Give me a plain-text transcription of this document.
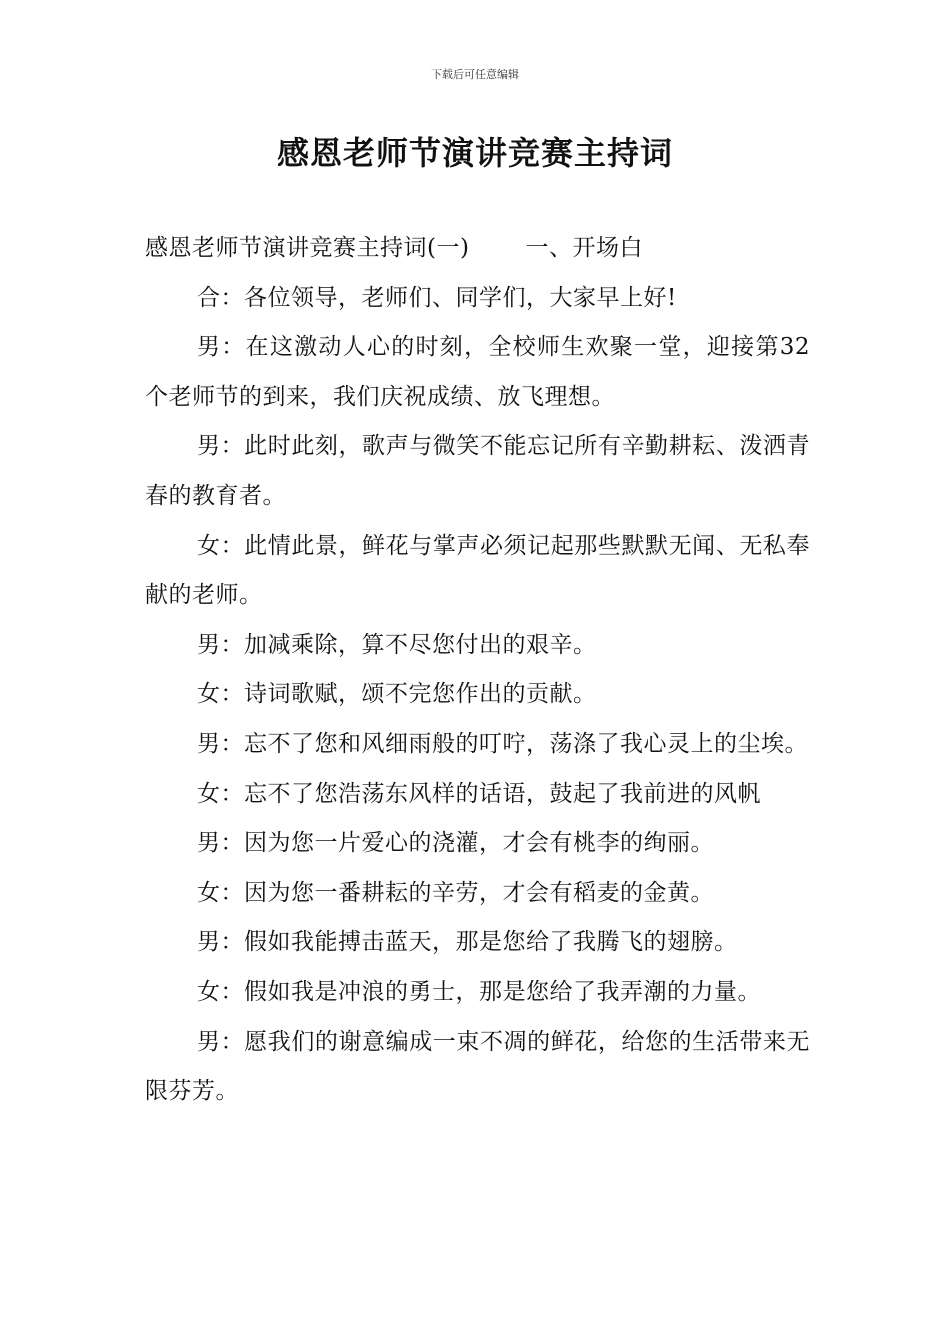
下载后可任意编辑
感恩老师节演讲竞赛主持词

感恩老师节演讲竞赛主持词(一) 一、开场白

合：各位领导，老师们、同学们，大家早上好!

男：在这激动人心的时刻，全校师生欢聚一堂，迎接第32个老师节的到来，我们庆祝成绩、放飞理想。

男：此时此刻，歌声与微笑不能忘记所有辛勤耕耘、泼洒青春的教育者。

女：此情此景，鲜花与掌声必须记起那些默默无闻、无私奉献的老师。

男：加减乘除，算不尽您付出的艰辛。

女：诗词歌赋，颂不完您作出的贡献。

男：忘不了您和风细雨般的叮咛，荡涤了我心灵上的尘埃。

女：忘不了您浩荡东风样的话语，鼓起了我前进的风帆

男：因为您一片爱心的浇灌，才会有桃李的绚丽。

女：因为您一番耕耘的辛劳，才会有稻麦的金黄。

男：假如我能搏击蓝天，那是您给了我腾飞的翅膀。

女：假如我是冲浪的勇士，那是您给了我弄潮的力量。

男：愿我们的谢意编成一束不凋的鲜花，给您的生活带来无限芬芳。
